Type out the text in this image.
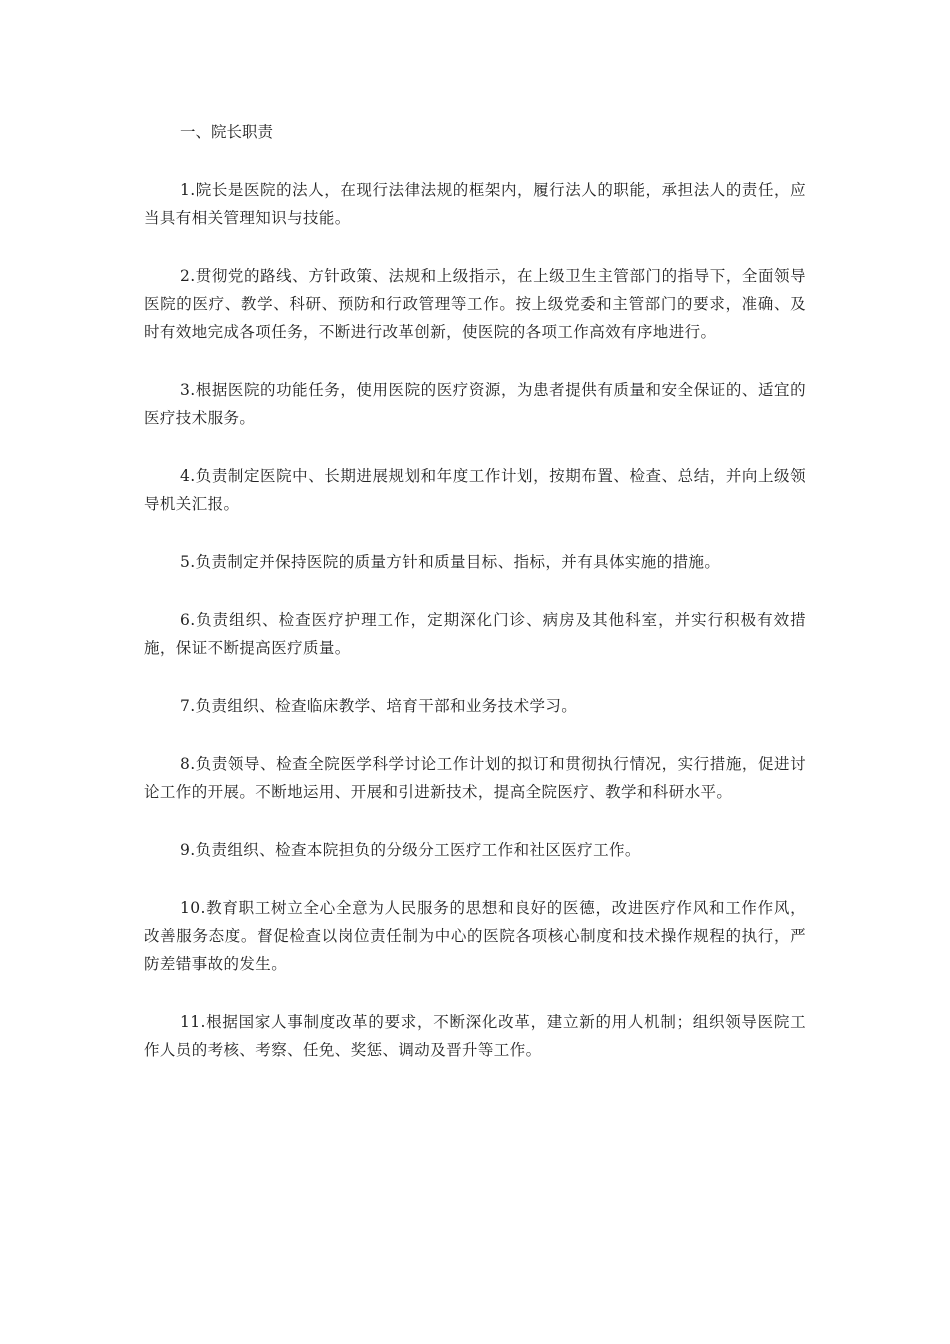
一、院长职责

1.院长是医院的法人，在现行法律法规的框架内，履行法人的职能，承担法人的责任，应当具有相关管理知识与技能。

2.贯彻党的路线、方针政策、法规和上级指示，在上级卫生主管部门的指导下，全面领导医院的医疗、教学、科研、预防和行政管理等工作。按上级党委和主管部门的要求，准确、及时有效地完成各项任务，不断进行改革创新，使医院的各项工作高效有序地进行。

3.根据医院的功能任务，使用医院的医疗资源，为患者提供有质量和安全保证的、适宜的医疗技术服务。

4.负责制定医院中、长期进展规划和年度工作计划，按期布置、检查、总结，并向上级领导机关汇报。

5.负责制定并保持医院的质量方针和质量目标、指标，并有具体实施的措施。

6.负责组织、检查医疗护理工作，定期深化门诊、病房及其他科室，并实行积极有效措施，保证不断提高医疗质量。

7.负责组织、检查临床教学、培育干部和业务技术学习。

8.负责领导、检查全院医学科学讨论工作计划的拟订和贯彻执行情况，实行措施，促进讨论工作的开展。不断地运用、开展和引进新技术，提高全院医疗、教学和科研水平。

9.负责组织、检查本院担负的分级分工医疗工作和社区医疗工作。

10.教育职工树立全心全意为人民服务的思想和良好的医德，改进医疗作风和工作作风，改善服务态度。督促检查以岗位责任制为中心的医院各项核心制度和技术操作规程的执行，严防差错事故的发生。

11.根据国家人事制度改革的要求，不断深化改革，建立新的用人机制；组织领导医院工作人员的考核、考察、任免、奖惩、调动及晋升等工作。
